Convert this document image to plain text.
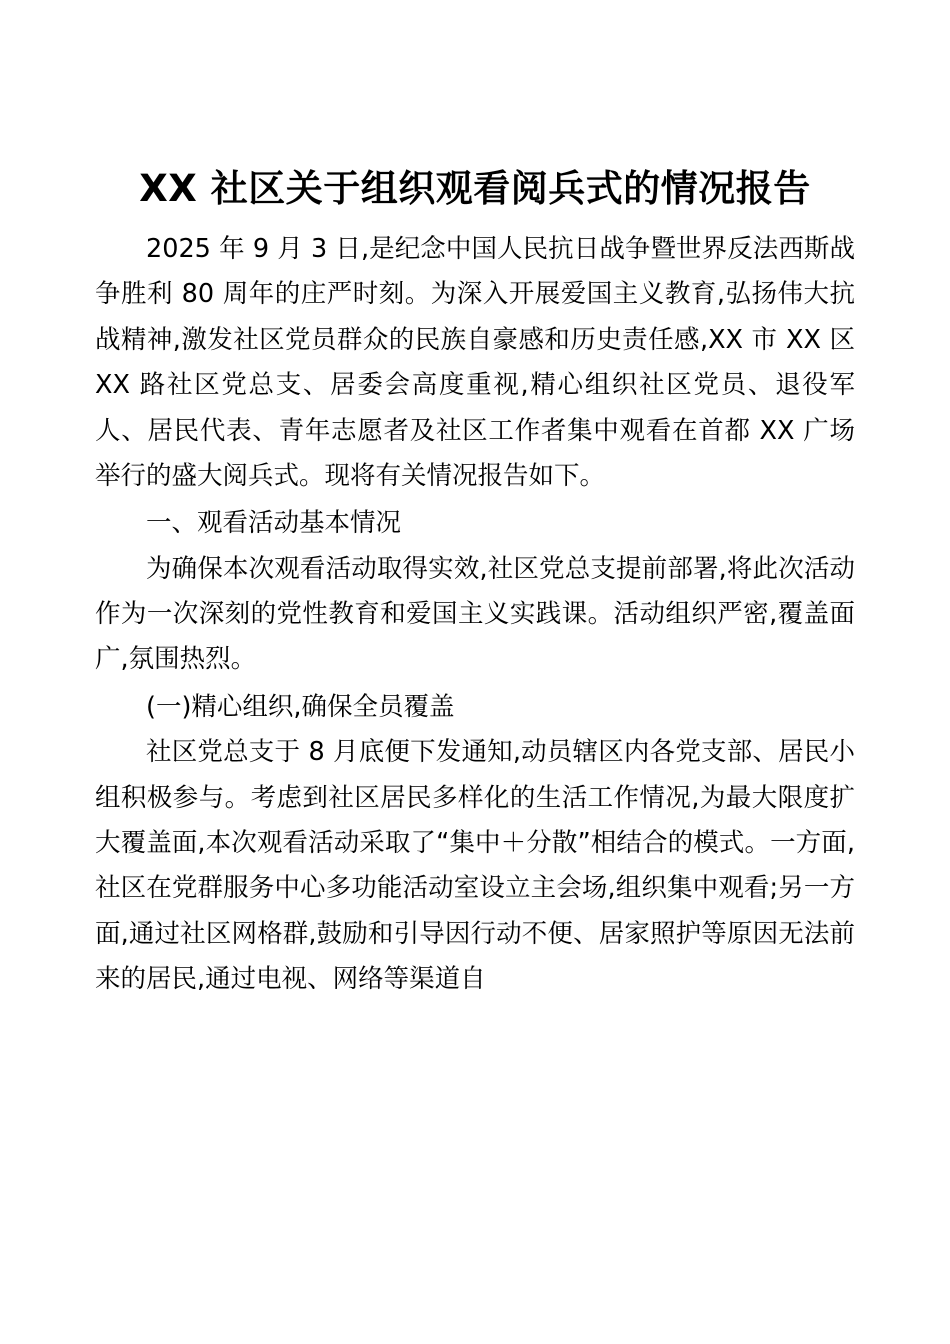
XX 社区关于组织观看阅兵式的情况报告

2025 年 9 月 3 日,是纪念中国人民抗日战争暨世界反法西斯战争胜利 80 周年的庄严时刻。为深入开展爱国主义教育,弘扬伟大抗战精神,激发社区党员群众的民族自豪感和历史责任感,XX 市 XX 区 XX 路社区党总支、居委会高度重视,精心组织社区党员、退役军人、居民代表、青年志愿者及社区工作者集中观看在首都 XX 广场举行的盛大阅兵式。现将有关情况报告如下。

一、观看活动基本情况

为确保本次观看活动取得实效,社区党总支提前部署,将此次活动作为一次深刻的党性教育和爱国主义实践课。活动组织严密,覆盖面广,氛围热烈。

(一)精心组织,确保全员覆盖

社区党总支于 8 月底便下发通知,动员辖区内各党支部、居民小组积极参与。考虑到社区居民多样化的生活工作情况,为最大限度扩大覆盖面,本次观看活动采取了“集中＋分散”相结合的模式。一方面,社区在党群服务中心多功能活动室设立主会场,组织集中观看;另一方面,通过社区网格群,鼓励和引导因行动不便、居家照护等原因无法前来的居民,通过电视、网络等渠道自
